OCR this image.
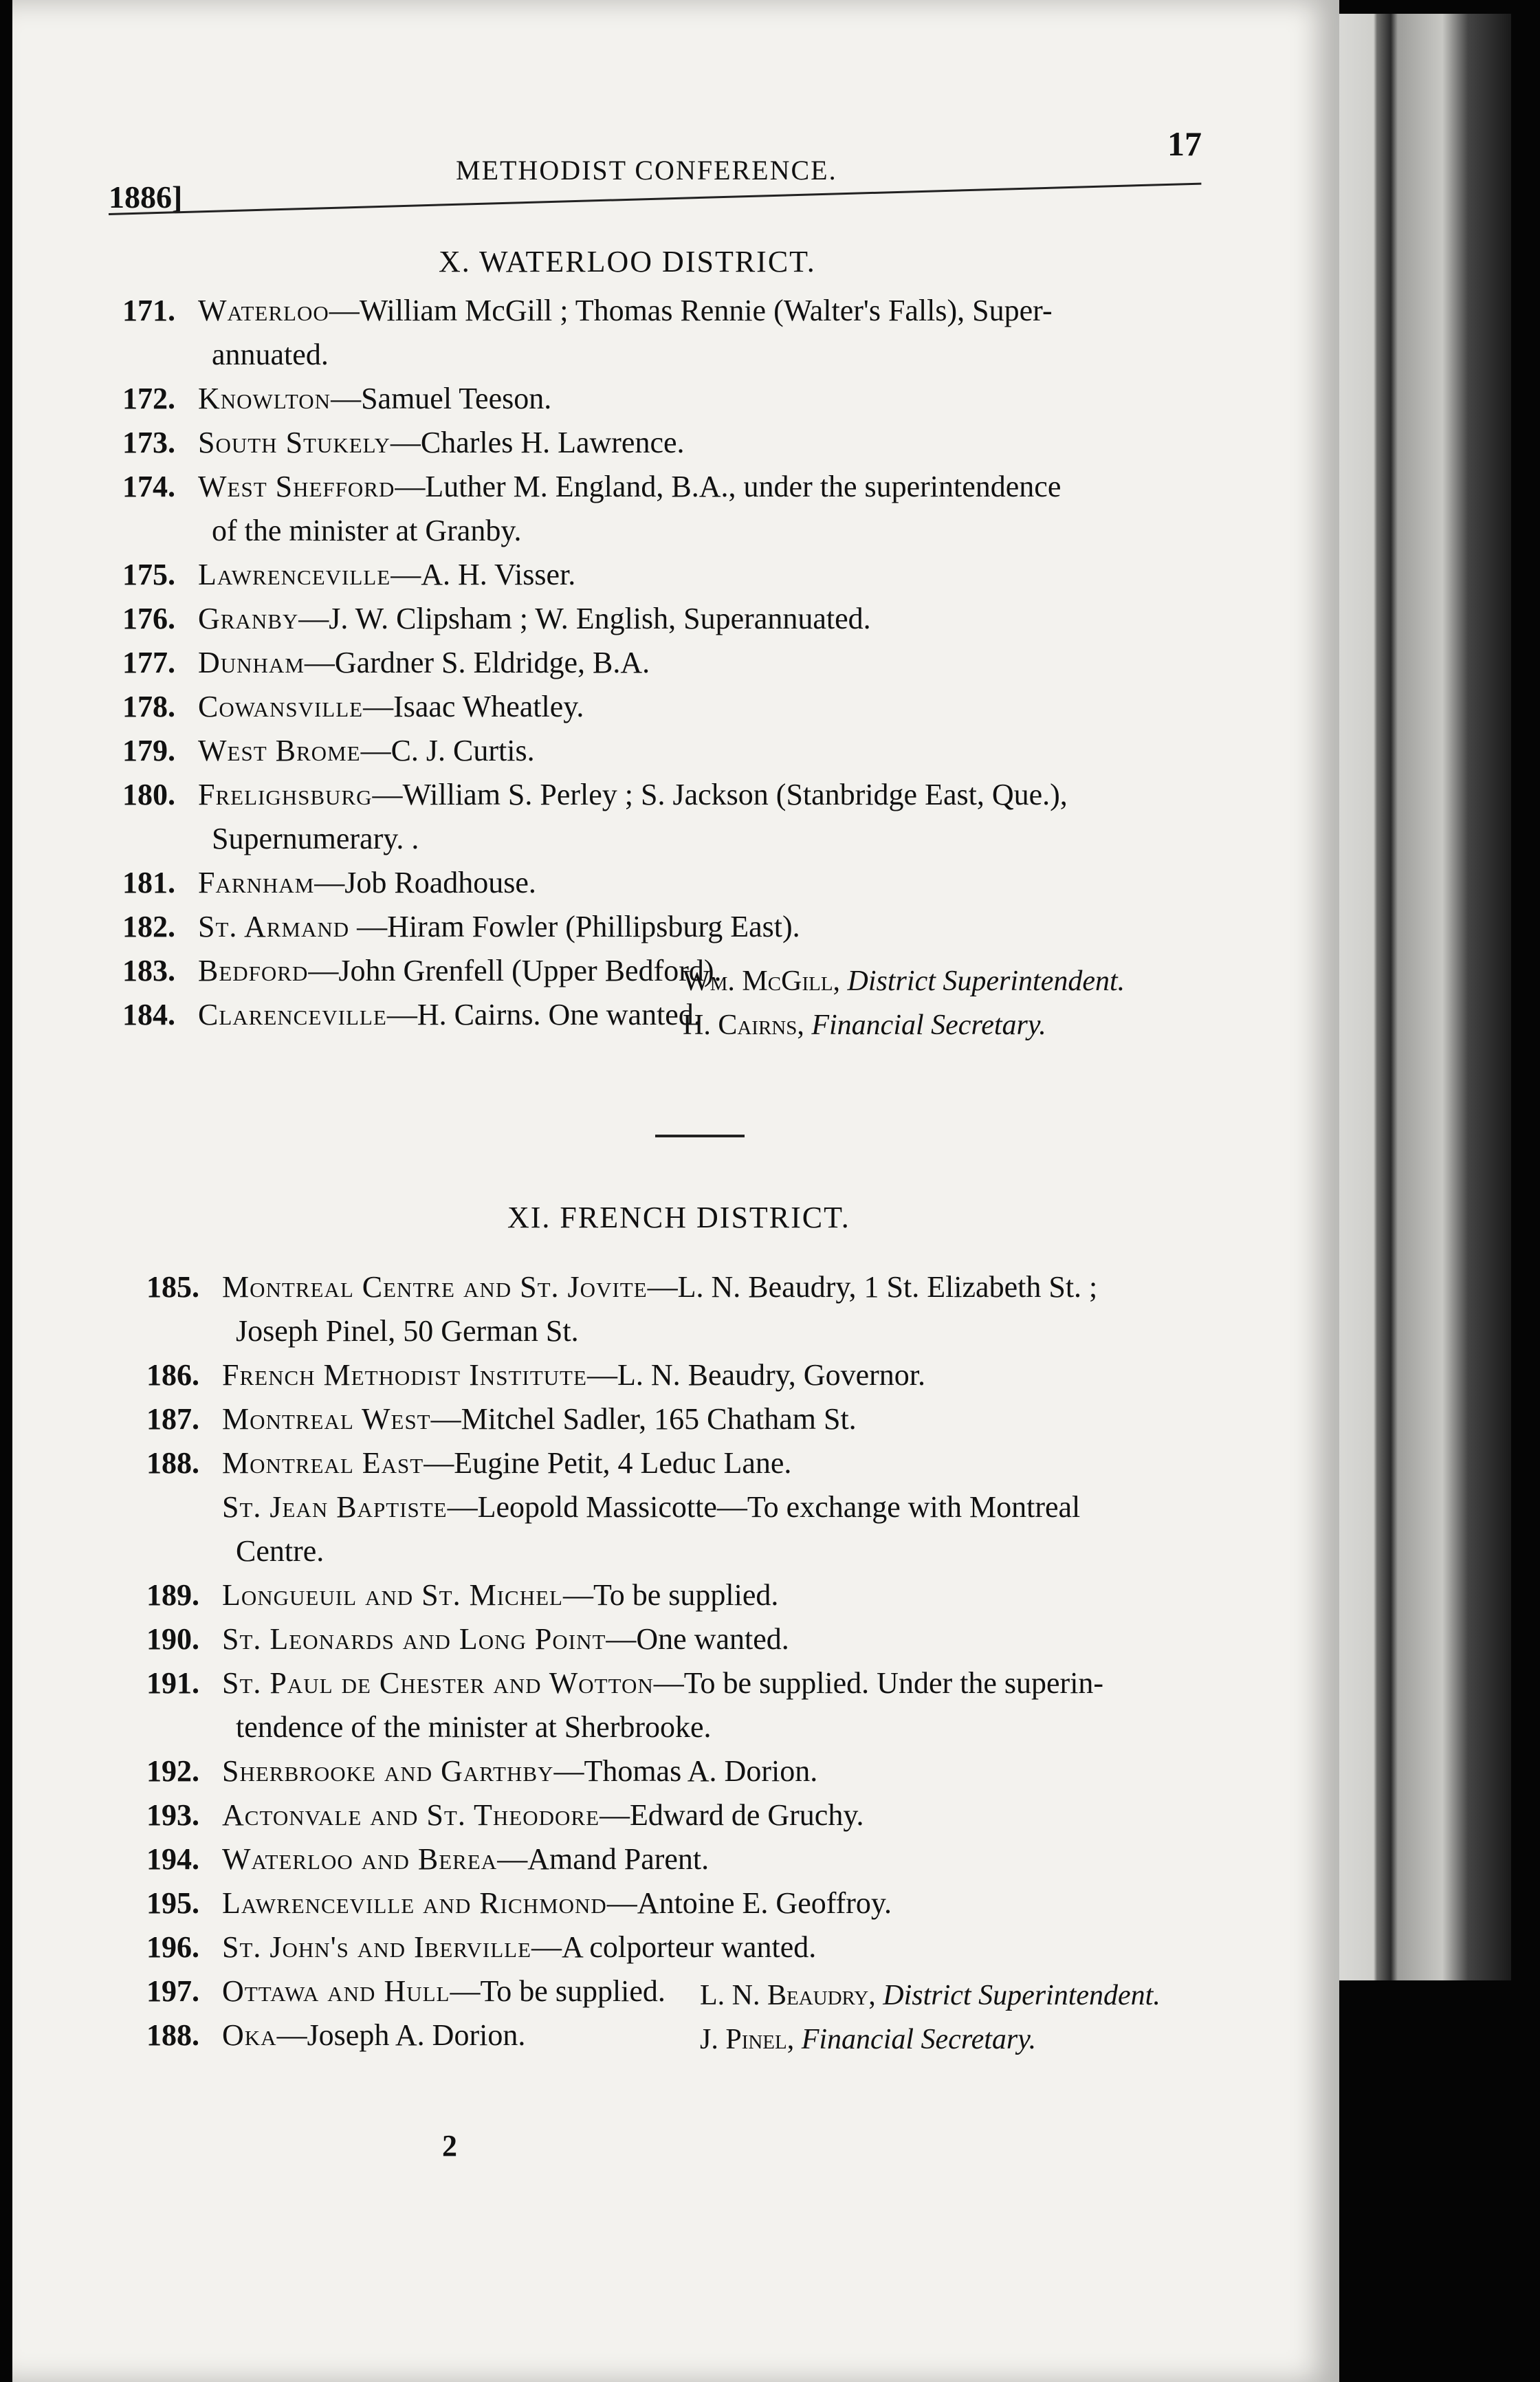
1886]
METHODIST CONFERENCE.
17
X. WATERLOO DISTRICT.
171. Waterloo—William McGill ; Thomas Rennie (Walter's Falls), Super-
annuated.
172. Knowlton—Samuel Teeson.
173. South Stukely—Charles H. Lawrence.
174. West Shefford—Luther M. England, B.A., under the superintendence
of the minister at Granby.
175. Lawrenceville—A. H. Visser.
176. Granby—J. W. Clipsham ; W. English, Superannuated.
177. Dunham—Gardner S. Eldridge, B.A.
178. Cowansville—Isaac Wheatley.
179. West Brome—C. J. Curtis.
180. Frelighsburg—William S. Perley ; S. Jackson (Stanbridge East, Que.),
Supernumerary. .
181. Farnham—Job Roadhouse.
182. St. Armand —Hiram Fowler (Phillipsburg East).
183. Bedford—John Grenfell (Upper Bedford).
184. Clarenceville—H. Cairns. One wanted.
Wm. McGill, District Superintendent.
H. Cairns, Financial Secretary.
XI. FRENCH DISTRICT.
185. Montreal Centre and St. Jovite—L. N. Beaudry, 1 St. Elizabeth St. ;
Joseph Pinel, 50 German St.
186. French Methodist Institute—L. N. Beaudry, Governor.
187. Montreal West—Mitchel Sadler, 165 Chatham St.
188. Montreal East—Eugine Petit, 4 Leduc Lane.
St. Jean Baptiste—Leopold Massicotte—To exchange with Montreal
Centre.
189. Longueuil and St. Michel—To be supplied.
190. St. Leonards and Long Point—One wanted.
191. St. Paul de Chester and Wotton—To be supplied. Under the superin-
tendence of the minister at Sherbrooke.
192. Sherbrooke and Garthby—Thomas A. Dorion.
193. Actonvale and St. Theodore—Edward de Gruchy.
194. Waterloo and Berea—Amand Parent.
195. Lawrenceville and Richmond—Antoine E. Geoffroy.
196. St. John's and Iberville—A colporteur wanted.
197. Ottawa and Hull—To be supplied.
188. Oka—Joseph A. Dorion.
L. N. Beaudry, District Superintendent.
J. Pinel, Financial Secretary.
2
